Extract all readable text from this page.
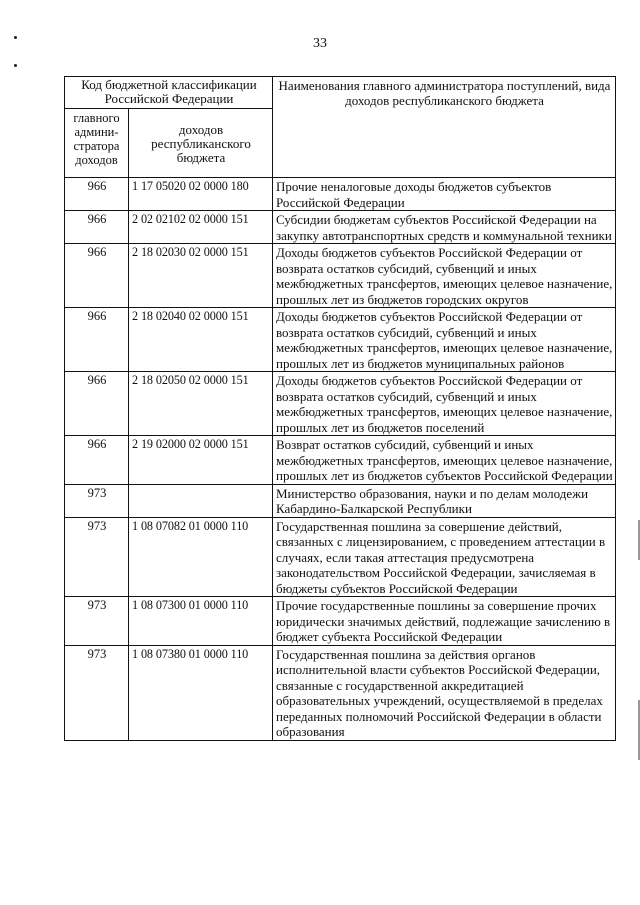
33
Код бюджетной классификации Российской Федерации		Наименования главного администратора поступлений, вида доходов республиканского бюджета
главного админи-стратора доходов	доходов республиканского бюджета	
966	1 17 05020 02 0000 180	Прочие неналоговые доходы бюджетов субъектов Российской Федерации
966	2 02 02102 02 0000 151	Субсидии бюджетам субъектов Российской Федерации на закупку автотранспортных средств и коммунальной техники
966	2 18 02030 02 0000 151	Доходы бюджетов субъектов Российской Федерации от возврата остатков субсидий, субвенций и иных межбюджетных трансфертов, имеющих целевое назначение, прошлых лет из бюджетов городских округов
966	2 18 02040 02 0000 151	Доходы бюджетов субъектов Российской Федерации от возврата остатков субсидий, субвенций и иных межбюджетных трансфертов, имеющих целевое назначение, прошлых лет из бюджетов муниципальных районов
966	2 18 02050 02 0000 151	Доходы бюджетов субъектов Российской Федерации от возврата остатков субсидий, субвенций и иных межбюджетных трансфертов, имеющих целевое назначение, прошлых лет из бюджетов поселений
966	2 19 02000 02 0000 151	Возврат остатков субсидий, субвенций и иных межбюджетных трансфертов, имеющих целевое назначение, прошлых лет из бюджетов субъектов Российской Федерации
973		Министерство образования, науки и по делам молодежи Кабардино-Балкарской Республики
973	1 08 07082 01 0000 110	Государственная пошлина за совершение действий, связанных с лицензированием, с проведением аттестации в случаях, если такая аттестация предусмотрена законодательством Российской Федерации, зачисляемая в бюджеты субъектов Российской Федерации
973	1 08 07300 01 0000 110	Прочие государственные пошлины за совершение прочих юридически значимых действий, подлежащие зачислению в бюджет субъекта Российской Федерации
973	1 08 07380 01 0000 110	Государственная пошлина за действия органов исполнительной власти субъектов Российской Федерации, связанные с государственной аккредитацией образовательных учреждений, осуществляемой в пределах переданных полномочий Российской Федерации в области образования
